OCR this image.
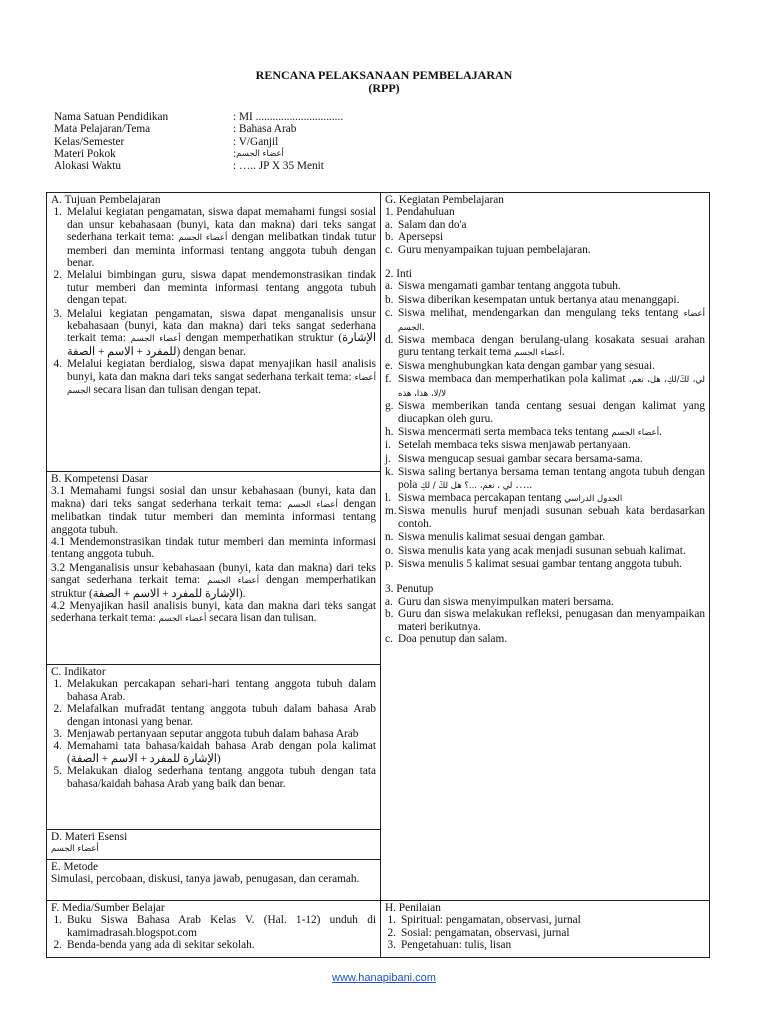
RENCANA PELAKSANAAN PEMBELAJARAN
(RPP)
Nama Satuan Pendidikan	: MI ...............................
Mata Pelajaran/Tema	: Bahasa Arab
Kelas/Semester	: V/Ganjil
Materi Pokok	: أعضاء الجسم
Alokasi Waktu	: ….. JP X 35 Menit
A. Tujuan Pembelajaran
1. Melalui kegiatan pengamatan, siswa dapat memahami fungsi sosial dan unsur kebahasaan (bunyi, kata dan makna) dari teks sangat sederhana terkait tema: أعضاء الجسم dengan melibatkan tindak tutur memberi dan meminta informasi tentang anggota tubuh dengan benar.
2. Melalui bimbingan guru, siswa dapat mendemonstrasikan tindak tutur memberi dan meminta informasi tentang anggota tubuh dengan tepat.
3. Melalui kegiatan pengamatan, siswa dapat menganalisis unsur kebahasaan (bunyi, kata dan makna) dari teks sangat sederhana terkait tema: أعضاء الجسم dengan memperhatikan struktur (الإشارة للمفرد + الاسم + الصفة) dengan benar.
4. Melalui kegiatan berdialog, siswa dapat menyajikan hasil analisis bunyi, kata dan makna dari teks sangat sederhana terkait tema: أعضاء الجسم secara lisan dan tulisan dengan tepat.
B. Kompetensi Dasar
3.1 Memahami fungsi sosial dan unsur kebahasaan (bunyi, kata dan makna) dari teks sangat sederhana terkait tema: أعضاء الجسم dengan melibatkan tindak tutur memberi dan meminta informasi tentang anggota tubuh.
4.1 Mendemonstrasikan tindak tutur memberi dan meminta informasi tentang anggota tubuh.
3.2 Menganalisis unsur kebahasaan (bunyi, kata dan makna) dari teks sangat sederhana terkait tema: أعضاء الجسم dengan memperhatikan struktur (الإشارة للمفرد + الاسم + الصفة).
4.2 Menyajikan hasil analisis bunyi, kata dan makna dari teks sangat sederhana terkait tema: أعضاء الجسم secara lisan dan tulisan.
C. Indikator
1. Melakukan percakapan sehari-hari tentang anggota tubuh dalam bahasa Arab.
2. Melafalkan mufradāt tentang anggota tubuh dalam bahasa Arab dengan intonasi yang benar.
3. Menjawab pertanyaan seputar anggota tubuh dalam bahasa Arab
4. Memahami tata bahasa/kaidah bahasa Arab dengan pola kalimat (الإشارة للمفرد + الاسم + الصفة)
5. Melakukan dialog sederhana tentang anggota tubuh dengan tata bahasa/kaidah bahasa Arab yang baik dan benar.
D. Materi Esensi
أعضاء الجسم
E. Metode
Simulasi, percobaan, diskusi, tanya jawab, penugasan, dan ceramah.
F. Media/Sumber Belajar
1. Buku Siswa Bahasa Arab Kelas V. (Hal. 1-12) unduh di kamimadrasah.blogspot.com
2. Benda-benda yang ada di sekitar sekolah.
G. Kegiatan Pembelajaran
1. Pendahuluan
a. Salam dan do'a
b. Apersepsi
c. Guru menyampaikan tujuan pembelajaran.
2. Inti
a. Siswa mengamati gambar tentang anggota tubuh.
b. Siswa diberikan kesempatan untuk bertanya atau menanggapi.
c. Siswa melihat, mendengarkan dan mengulang teks tentang أعضاء الجسم.
d. Siswa membaca dengan berulang-ulang kosakata sesuai arahan guru tentang terkait tema أعضاء الجسم.
e. Siswa menghubungkan kata dengan gambar yang sesuai.
f. Siswa membaca dan memperhatikan pola kalimat لي، لكَ/لكِ، هل، نعم، لا/لا، هذا، هذه
g. Siswa memberikan tanda centang sesuai dengan kalimat yang diucapkan oleh guru.
h. Siswa mencermati serta membaca teks tentang أعضاء الجسم.
i. Setelah membaca teks siswa menjawab pertanyaan.
j. Siswa mengucap sesuai gambar secara bersama-sama.
k. Siswa saling bertanya bersama teman tentang angota tubuh dengan pola لي ، نعم، ...؟ هل لكَ / لكِ …..
l. Siswa membaca percakapan tentang الجدول الدراسي
m. Siswa menulis huruf menjadi susunan sebuah kata berdasarkan contoh.
n. Siswa menulis kalimat sesuai dengan gambar.
o. Siswa menulis kata yang acak menjadi susunan sebuah kalimat.
p. Siswa menulis 5 kalimat sesuai gambar tentang anggota tubuh.
3. Penutup
a. Guru dan siswa menyimpulkan materi bersama.
b. Guru dan siswa melakukan refleksi, penugasan dan menyampaikan materi berikutnya.
c. Doa penutup dan salam.
H. Penilaian
1. Spiritual: pengamatan, observasi, jurnal
2. Sosial: pengamatan, observasi, jurnal
3. Pengetahuan: tulis, lisan
www.hanapibani.com
